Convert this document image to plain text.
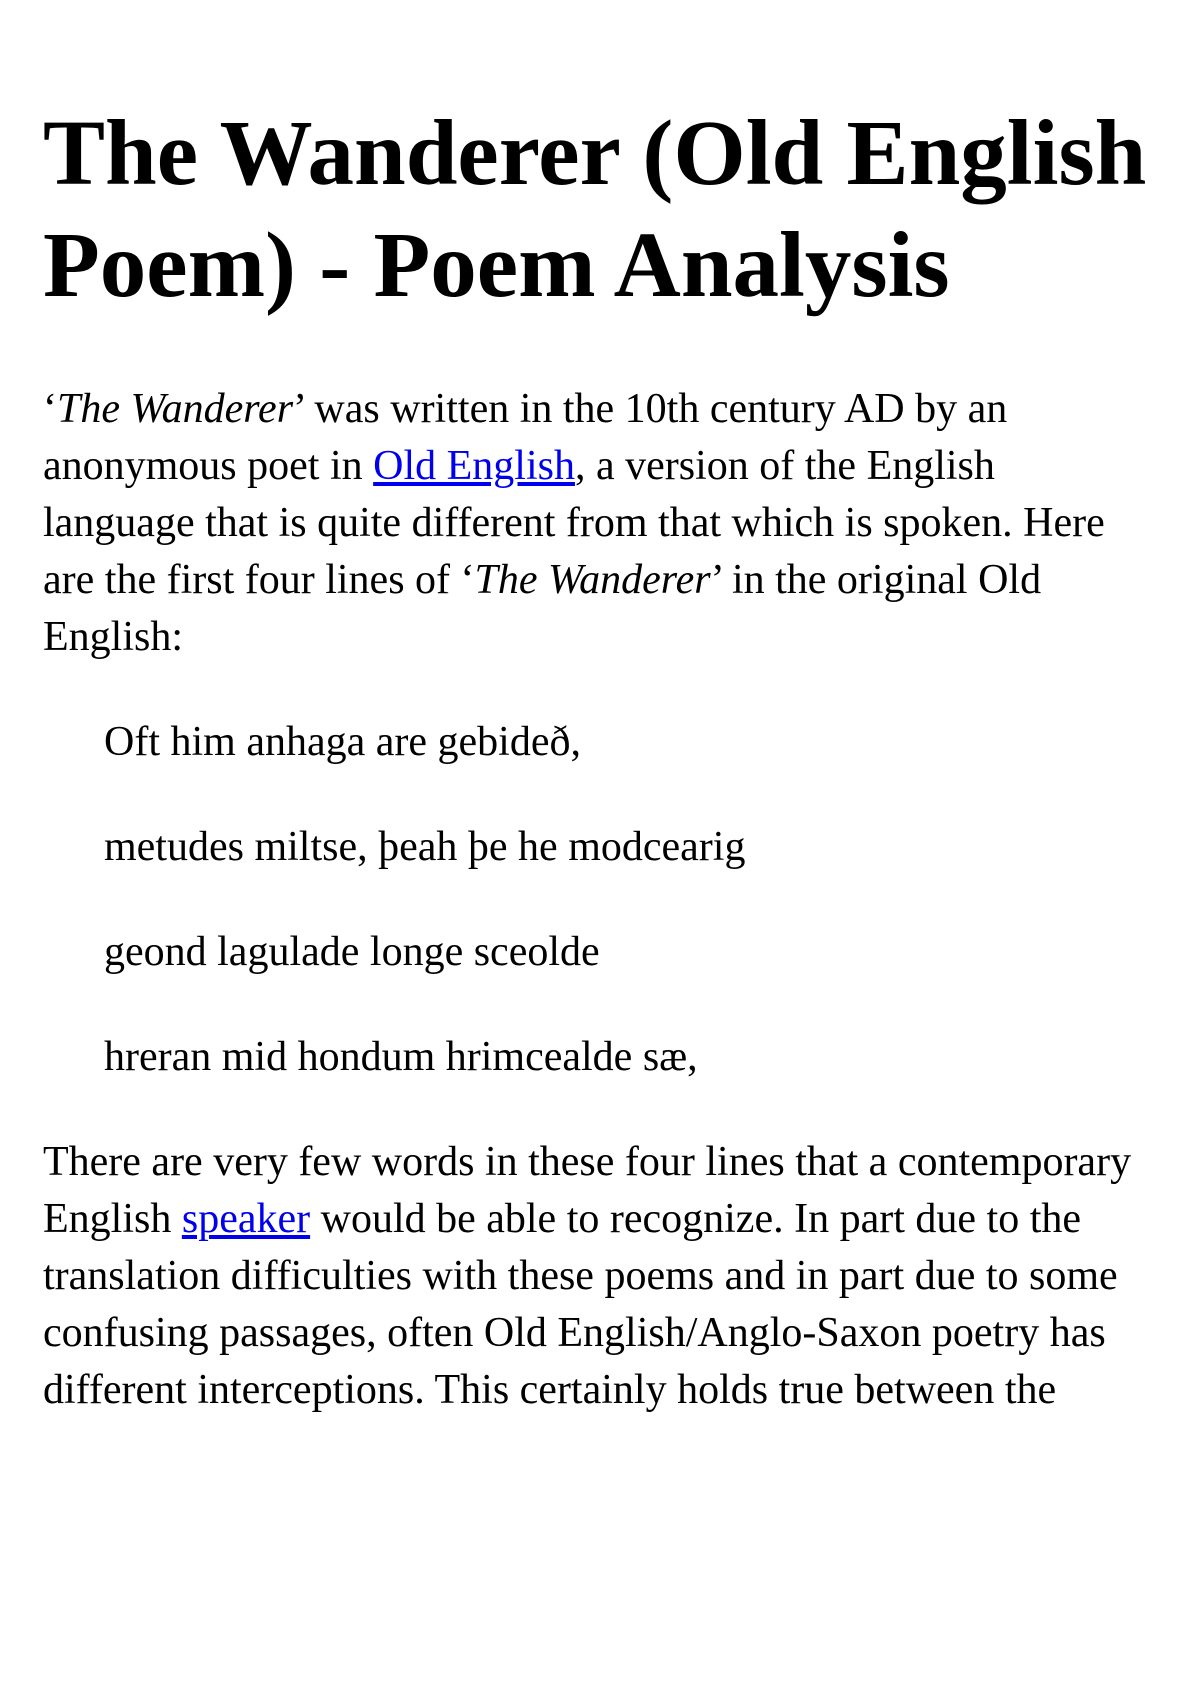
The Wanderer (Old English Poem) - Poem Analysis

‘The Wanderer’ was written in the 10th century AD by an anonymous poet in Old English, a version of the English language that is quite different from that which is spoken. Here are the first four lines of ‘The Wanderer’ in the original Old English:

Oft him anhaga are gebideð,

metudes miltse, þeah þe he modcearig

geond lagulade longe sceolde

hreran mid hondum hrimcealde sæ,

There are very few words in these four lines that a contemporary English speaker would be able to recognize. In part due to the translation difficulties with these poems and in part due to some confusing passages, often Old English/Anglo-Saxon poetry has different interceptions. This certainly holds true between the
